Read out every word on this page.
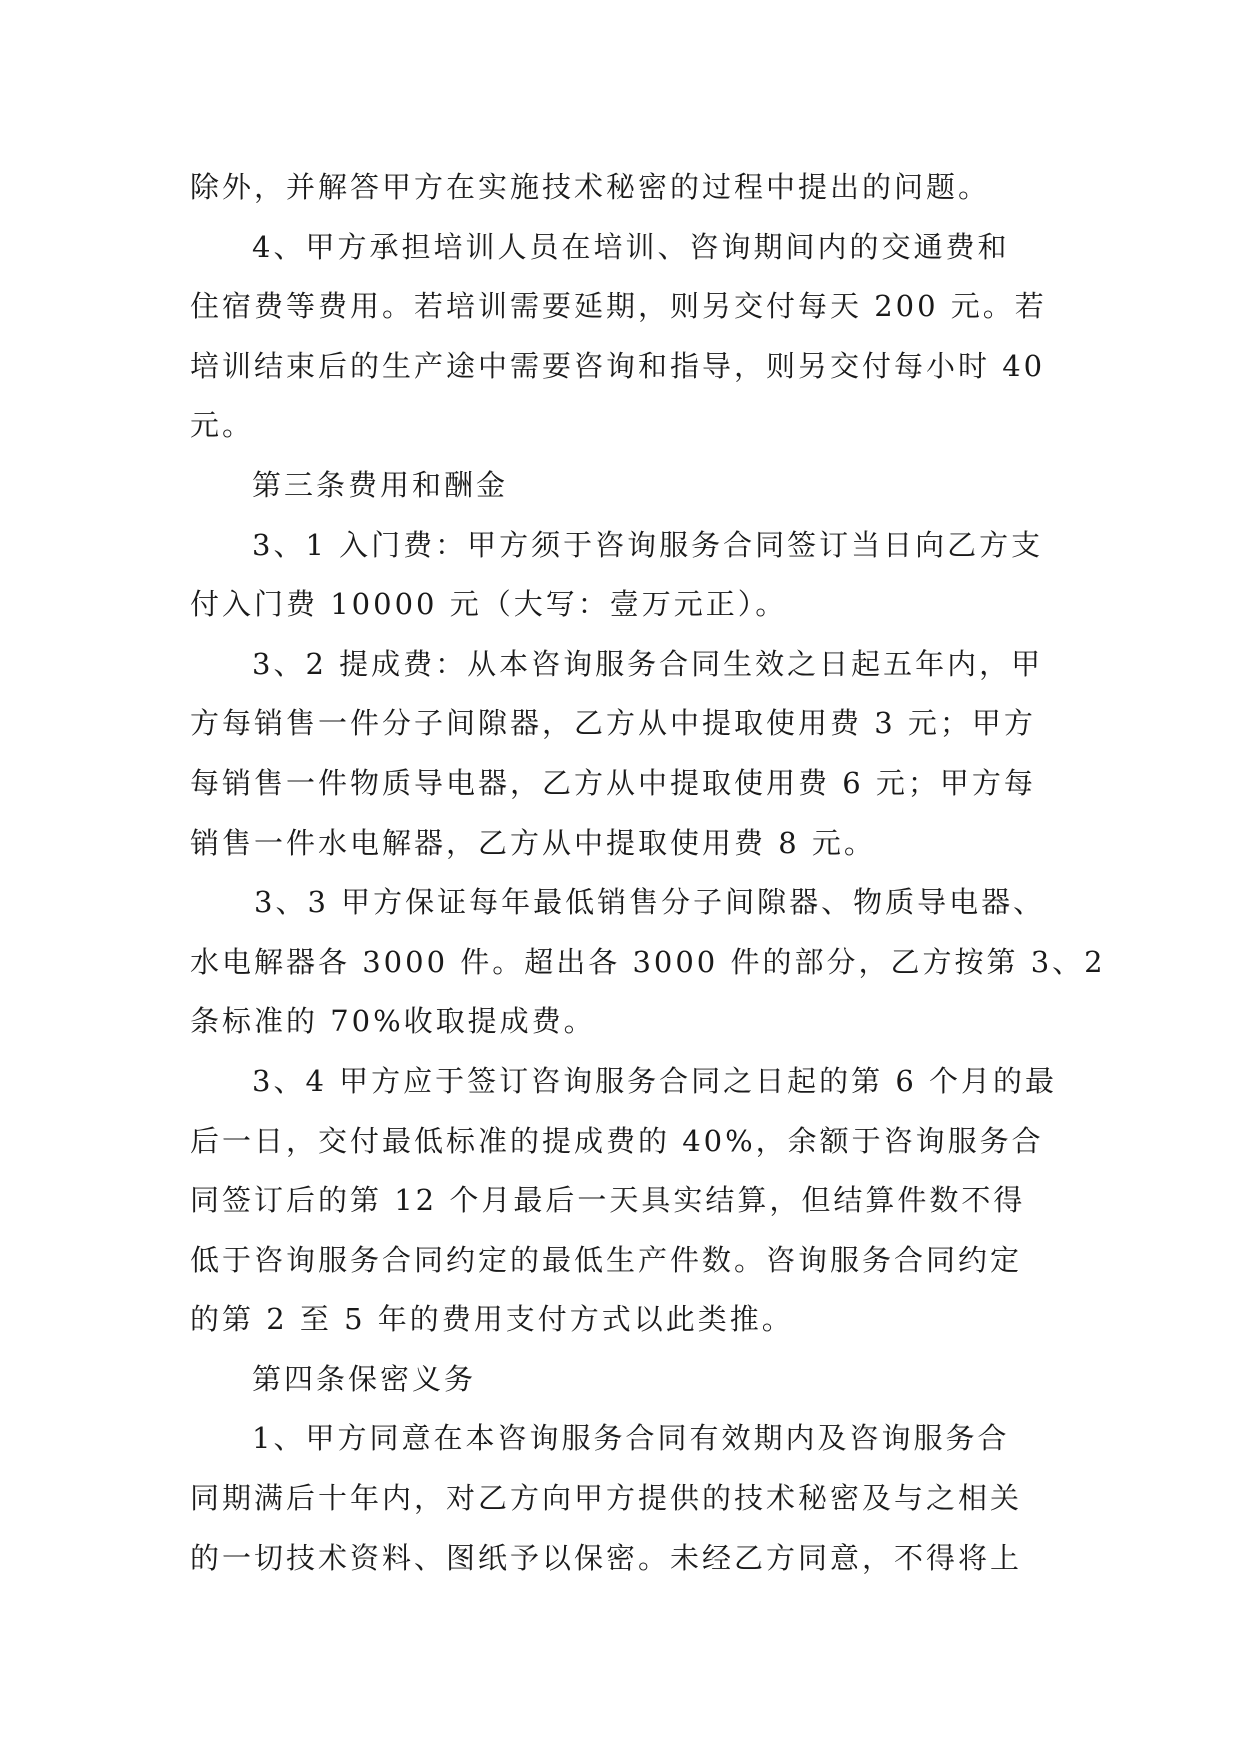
除外，并解答甲方在实施技术秘密的过程中提出的问题。
4、甲方承担培训人员在培训、咨询期间内的交通费和
住宿费等费用。若培训需要延期，则另交付每天 200 元。若
培训结束后的生产途中需要咨询和指导，则另交付每小时 40
元。
第三条费用和酬金
3、1 入门费：甲方须于咨询服务合同签订当日向乙方支
付入门费 10000 元（大写：壹万元正）。
3、2 提成费：从本咨询服务合同生效之日起五年内，甲
方每销售一件分子间隙器，乙方从中提取使用费 3 元；甲方
每销售一件物质导电器，乙方从中提取使用费 6 元；甲方每
销售一件水电解器，乙方从中提取使用费 8 元。
3、3 甲方保证每年最低销售分子间隙器、物质导电器、
水电解器各 3000 件。超出各 3000 件的部分，乙方按第 3、2
条标准的 70%收取提成费。
3、4 甲方应于签订咨询服务合同之日起的第 6 个月的最
后一日，交付最低标准的提成费的 40%，余额于咨询服务合
同签订后的第 12 个月最后一天具实结算，但结算件数不得
低于咨询服务合同约定的最低生产件数。咨询服务合同约定
的第 2 至 5 年的费用支付方式以此类推。
第四条保密义务
1、甲方同意在本咨询服务合同有效期内及咨询服务合
同期满后十年内，对乙方向甲方提供的技术秘密及与之相关
的一切技术资料、图纸予以保密。未经乙方同意，不得将上
